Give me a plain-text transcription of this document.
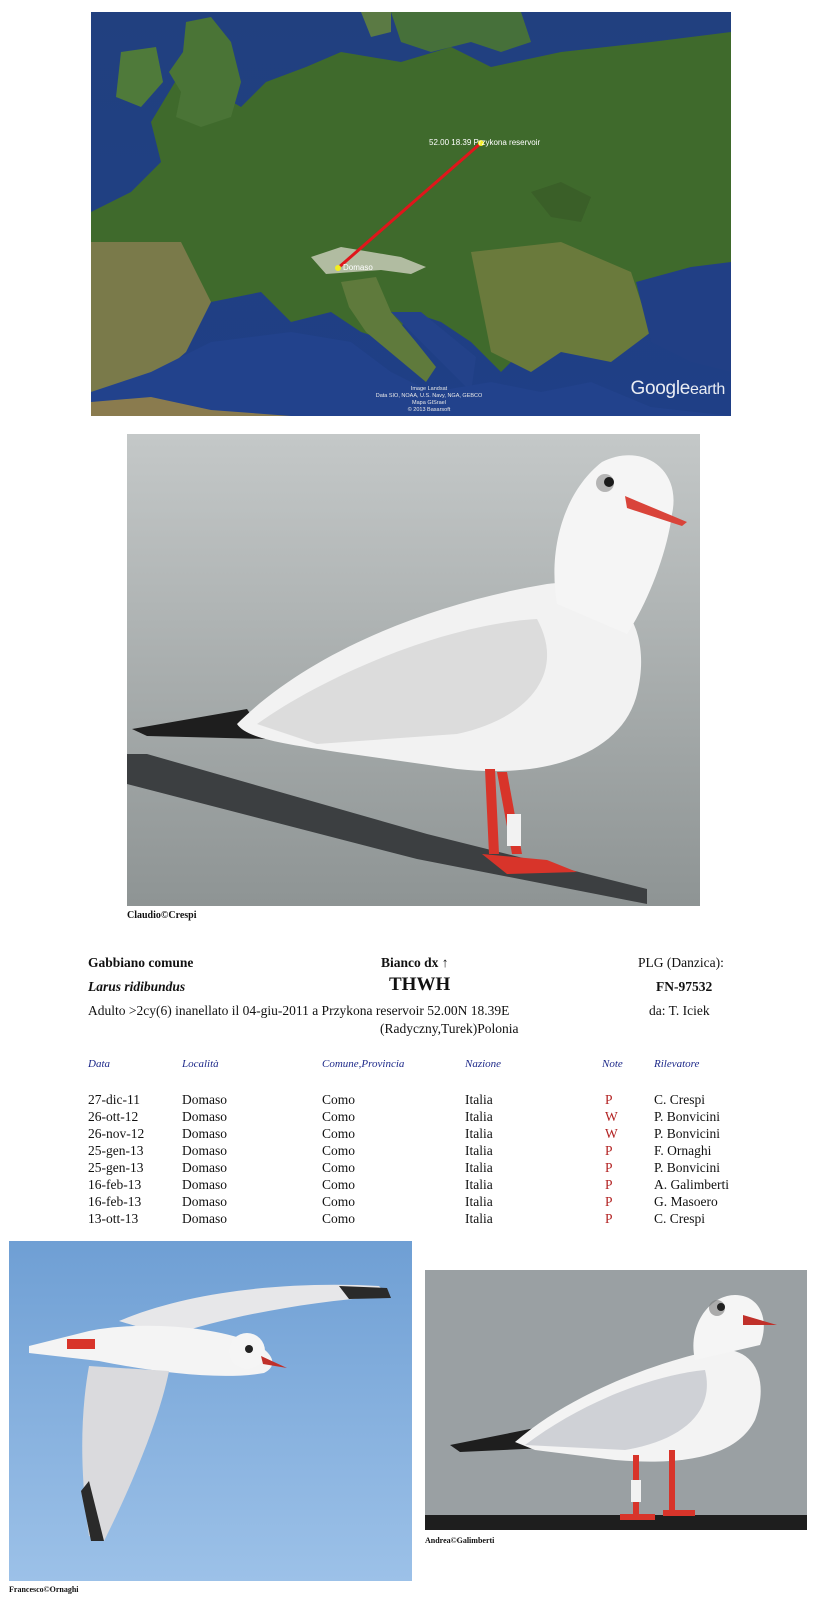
52.00 18.39 Przykona reservoir
Domaso
Image Landsat
Data SIO, NOAA, U.S. Navy, NGA, GEBCO
Mapa GISrael
© 2013 Basarsoft
Googleearth
Claudio©Crespi
Gabbiano comune
Larus ridibundus
Bianco dx ↑
THWH
PLG (Danzica):
FN-97532
Adulto >2cy(6) inanellato il 04-giu-2011 a Przykona reservoir 52.00N 18.39E
(Radyczny,Turek)Polonia
da: T. Iciek
Data	Località	Comune,Provincia	Nazione	Note	Rilevatore
27-dic-11	Domaso	Como	Italia	P	C. Crespi
26-ott-12	Domaso	Como	Italia	W	P. Bonvicini
26-nov-12	Domaso	Como	Italia	W	P. Bonvicini
25-gen-13	Domaso	Como	Italia	P	F. Ornaghi
25-gen-13	Domaso	Como	Italia	P	P. Bonvicini
16-feb-13	Domaso	Como	Italia	P	A. Galimberti
16-feb-13	Domaso	Como	Italia	P	G. Masoero
13-ott-13	Domaso	Como	Italia	P	C. Crespi
Francesco©Ornaghi
Andrea©Galimberti
